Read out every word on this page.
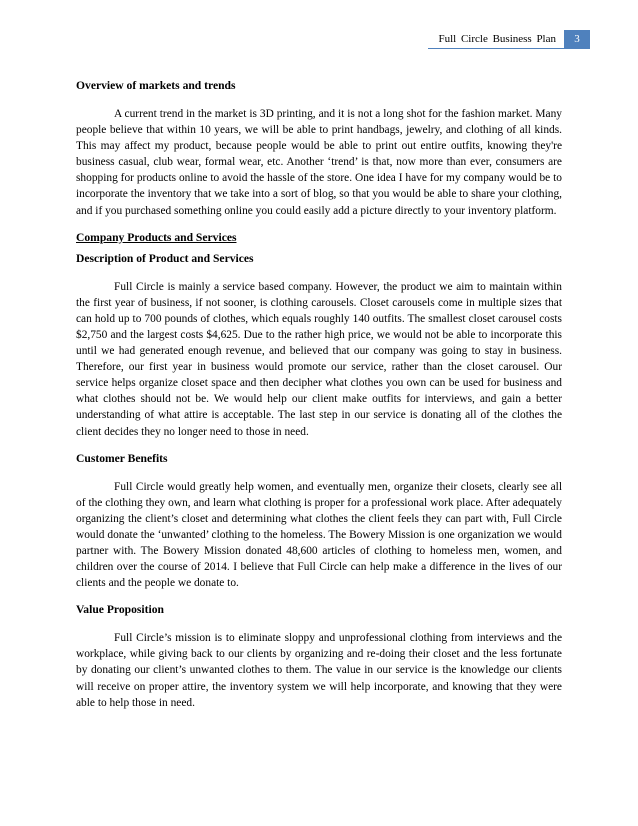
Full Circle Business Plan	3
Overview of markets and trends

A current trend in the market is 3D printing, and it is not a long shot for the fashion market. Many people believe that within 10 years, we will be able to print handbags, jewelry, and clothing of all kinds. This may affect my product, because people would be able to print out entire outfits, knowing they're business casual, club wear, formal wear, etc. Another ‘trend’ is that, now more than ever, consumers are shopping for products online to avoid the hassle of the store. One idea I have for my company would be to incorporate the inventory that we take into a sort of blog, so that you would be able to share your clothing, and if you purchased something online you could easily add a picture directly to your inventory platform.

Company Products and Services
Description of Product and Services

Full Circle is mainly a service based company. However, the product we aim to maintain within the first year of business, if not sooner, is clothing carousels. Closet carousels come in multiple sizes that can hold up to 700 pounds of clothes, which equals roughly 140 outfits. The smallest closet carousel costs $2,750 and the largest costs $4,625. Due to the rather high price, we would not be able to incorporate this until we had generated enough revenue, and believed that our company was going to stay in business. Therefore, our first year in business would promote our service, rather than the closet carousel. Our service helps organize closet space and then decipher what clothes you own can be used for business and what clothes should not be. We would help our client make outfits for interviews, and gain a better understanding of what attire is acceptable. The last step in our service is donating all of the clothes the client decides they no longer need to those in need.

Customer Benefits

Full Circle would greatly help women, and eventually men, organize their closets, clearly see all of the clothing they own, and learn what clothing is proper for a professional work place. After adequately organizing the client’s closet and determining what clothes the client feels they can part with, Full Circle would donate the ‘unwanted’ clothing to the homeless. The Bowery Mission is one organization we would partner with. The Bowery Mission donated 48,600 articles of clothing to homeless men, women, and children over the course of 2014. I believe that Full Circle can help make a difference in the lives of our clients and the people we donate to.

Value Proposition

Full Circle’s mission is to eliminate sloppy and unprofessional clothing from interviews and the workplace, while giving back to our clients by organizing and re-doing their closet and the less fortunate by donating our client’s unwanted clothes to them. The value in our service is the knowledge our clients will receive on proper attire, the inventory system we will help incorporate, and knowing that they were able to help those in need.
